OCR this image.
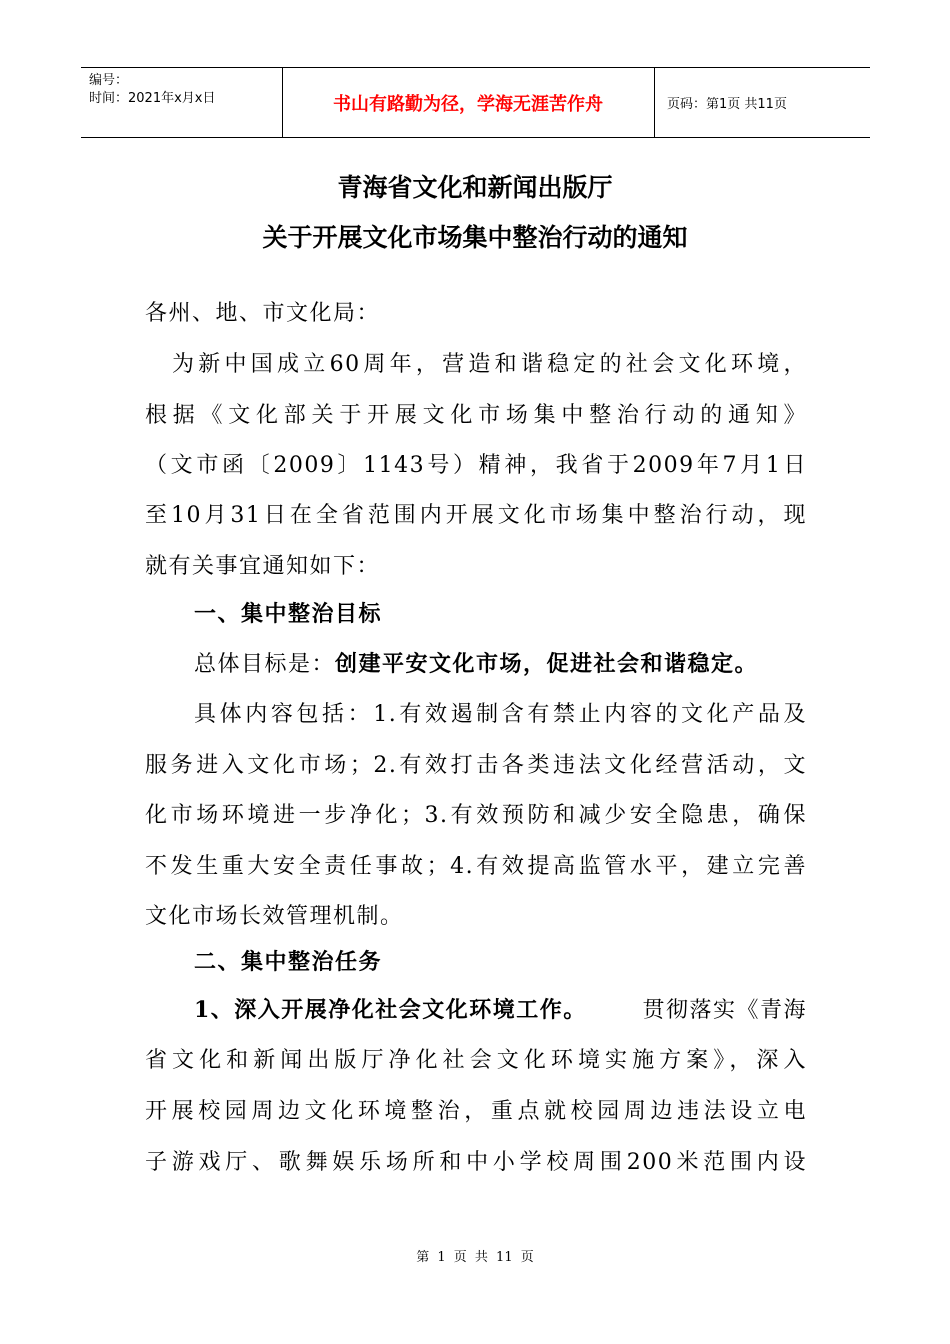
编号：
时间：2021年x月x日	书山有路勤为径，学海无涯苦作舟	页码：第1页 共11页
青海省文化和新闻出版厅
关于开展文化市场集中整治行动的通知
各州、地、市文化局：
为新中国成立60周年，营造和谐稳定的社会文化环境，
根据《文化部关于开展文化市场集中整治行动的通知》
（文市函〔2009〕1143号）精神，我省于2009年7月1日
至10月31日在全省范围内开展文化市场集中整治行动，现
就有关事宜通知如下：
一、集中整治目标
总体目标是：创建平安文化市场，促进社会和谐稳定。
具体内容包括：1.有效遏制含有禁止内容的文化产品及
服务进入文化市场；2.有效打击各类违法文化经营活动，文
化市场环境进一步净化；3.有效预防和减少安全隐患，确保
不发生重大安全责任事故；4.有效提高监管水平，建立完善
文化市场长效管理机制。
二、集中整治任务
1、深入开展净化社会文化环境工作。	贯彻落实《青海
省文化和新闻出版厅净化社会文化环境实施方案》，深入
开展校园周边文化环境整治，重点就校园周边违法设立电
子游戏厅、歌舞娱乐场所和中小学校周围200米范围内设
第 1 页 共 11 页
